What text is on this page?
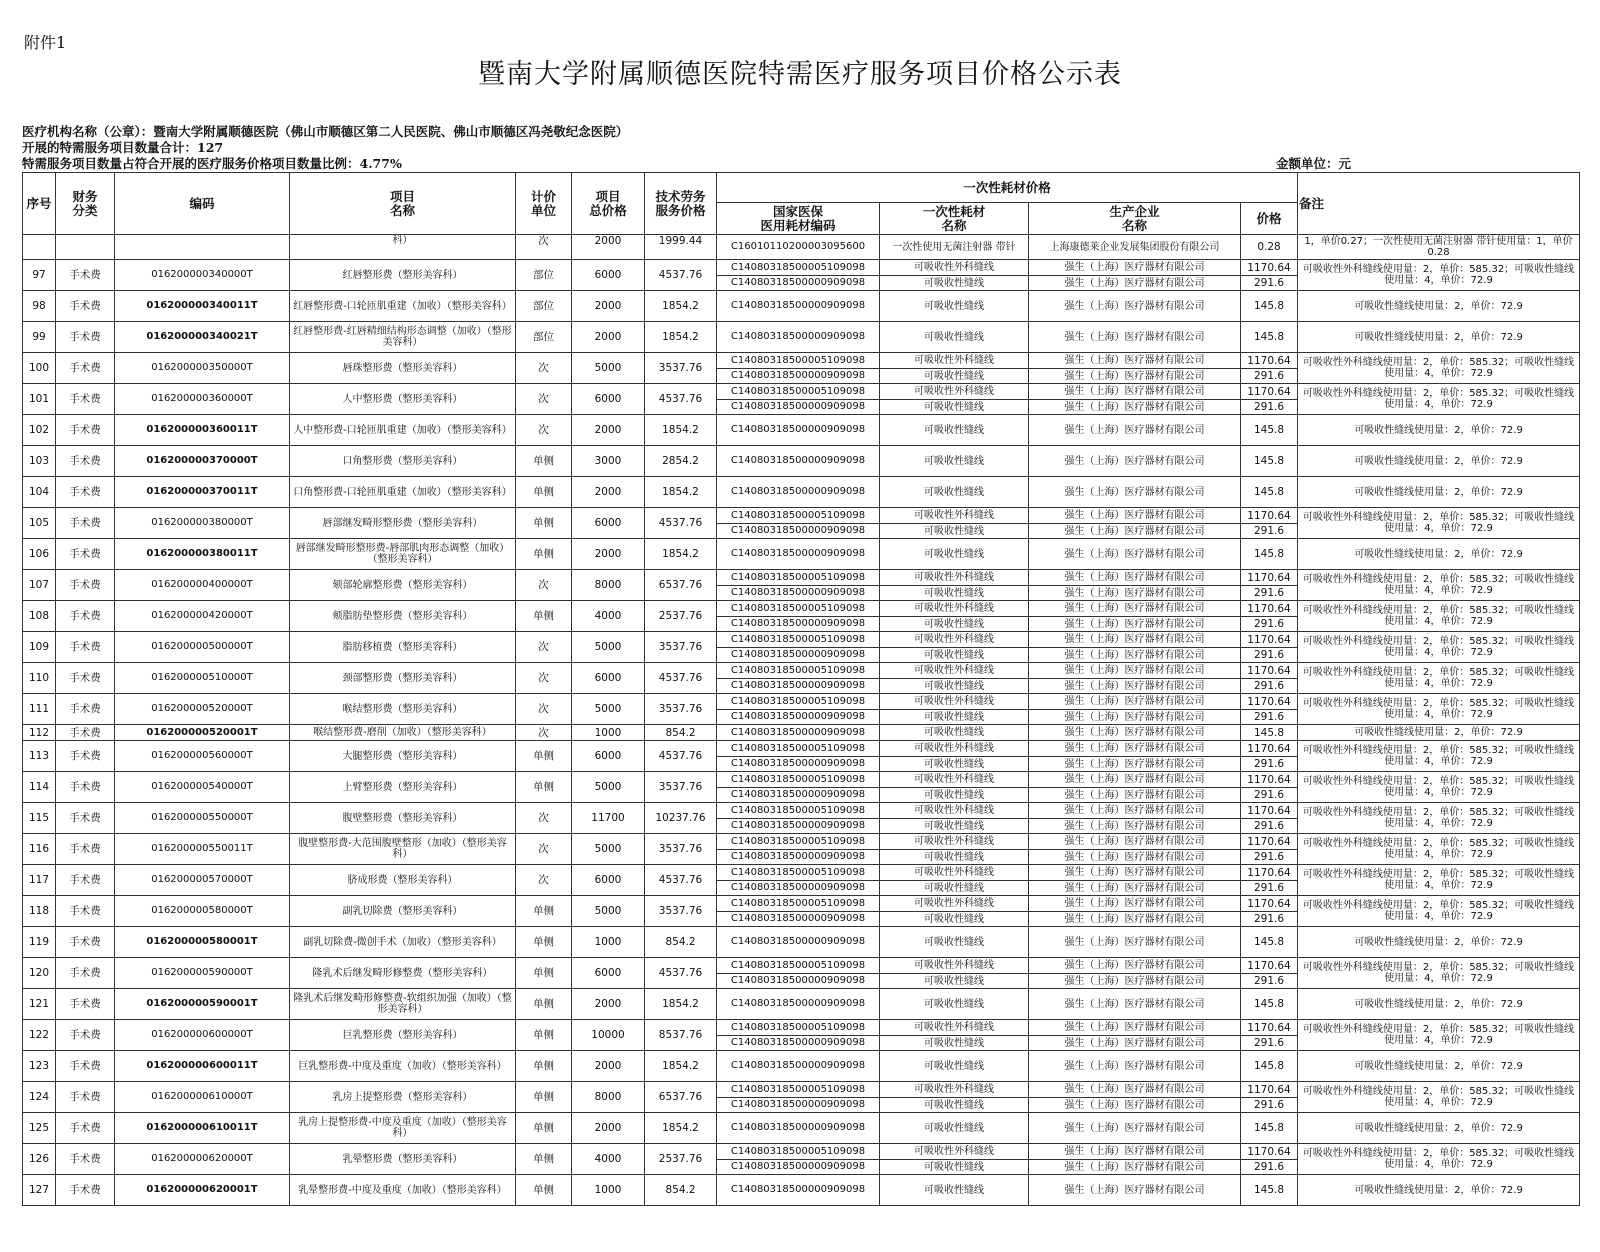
附件1
暨南大学附属顺德医院特需医疗服务项目价格公示表
医疗机构名称（公章）：暨南大学附属顺德医院（佛山市顺德区第二人民医院、佛山市顺德区冯尧敬纪念医院）
开展的特需服务项目数量合计：127
特需服务项目数量占符合开展的医疗服务价格项目数量比例：4.77%	金额单位：元
序号	财务
分类	编码	项目
名称	计价
单位	项目
总价格	技术劳务
服务价格	一次性耗材价格				备注
							国家医保
医用耗材编码	一次性耗材
名称	生产企业
名称	价格	
			科）	次	2000	1999.44	C16010110200003095600	一次性使用无菌注射器 带针	上海康德莱企业发展集团股份有限公司	0.28	1，单价0.27；一次性使用无菌注射器 带针使用量：1，单价0.28
97	手术费	016200000340000T	红唇整形费（整形美容科）	部位	6000	4537.76	C14080318500005109098	可吸收性外科缝线	强生（上海）医疗器材有限公司	1170.64	可吸收性外科缝线使用量：2，单价：585.32；可吸收性缝线使用量：4，单价：72.9
							C14080318500000909098	可吸收性缝线	强生（上海）医疗器材有限公司	291.6	
98	手术费	016200000340011T	红唇整形费-口轮匝肌重建（加收）（整形美容科）	部位	2000	1854.2	C14080318500000909098	可吸收性缝线	强生（上海）医疗器材有限公司	145.8	可吸收性缝线使用量：2，单价：72.9
99	手术费	016200000340021T	红唇整形费-红唇精细结构形态调整（加收）（整形美容科）	部位	2000	1854.2	C14080318500000909098	可吸收性缝线	强生（上海）医疗器材有限公司	145.8	可吸收性缝线使用量：2，单价：72.9
100	手术费	016200000350000T	唇珠整形费（整形美容科）	次	5000	3537.76	C14080318500005109098	可吸收性外科缝线	强生（上海）医疗器材有限公司	1170.64	可吸收性外科缝线使用量：2，单价：585.32；可吸收性缝线使用量：4，单价：72.9
							C14080318500000909098	可吸收性缝线	强生（上海）医疗器材有限公司	291.6	
101	手术费	016200000360000T	人中整形费（整形美容科）	次	6000	4537.76	C14080318500005109098	可吸收性外科缝线	强生（上海）医疗器材有限公司	1170.64	可吸收性外科缝线使用量：2，单价：585.32；可吸收性缝线使用量：4，单价：72.9
							C14080318500000909098	可吸收性缝线	强生（上海）医疗器材有限公司	291.6	
102	手术费	016200000360011T	人中整形费-口轮匝肌重建（加收）（整形美容科）	次	2000	1854.2	C14080318500000909098	可吸收性缝线	强生（上海）医疗器材有限公司	145.8	可吸收性缝线使用量：2，单价：72.9
103	手术费	016200000370000T	口角整形费（整形美容科）	单侧	3000	2854.2	C14080318500000909098	可吸收性缝线	强生（上海）医疗器材有限公司	145.8	可吸收性缝线使用量：2，单价：72.9
104	手术费	016200000370011T	口角整形费-口轮匝肌重建（加收）（整形美容科）	单侧	2000	1854.2	C14080318500000909098	可吸收性缝线	强生（上海）医疗器材有限公司	145.8	可吸收性缝线使用量：2，单价：72.9
105	手术费	016200000380000T	唇部继发畸形整形费（整形美容科）	单侧	6000	4537.76	C14080318500005109098	可吸收性外科缝线	强生（上海）医疗器材有限公司	1170.64	可吸收性外科缝线使用量：2，单价：585.32；可吸收性缝线使用量：4，单价：72.9
							C14080318500000909098	可吸收性缝线	强生（上海）医疗器材有限公司	291.6	
106	手术费	016200000380011T	唇部继发畸形整形费-唇部肌肉形态调整（加收）（整形美容科）	单侧	2000	1854.2	C14080318500000909098	可吸收性缝线	强生（上海）医疗器材有限公司	145.8	可吸收性缝线使用量：2，单价：72.9
107	手术费	016200000400000T	颏部轮廓整形费（整形美容科）	次	8000	6537.76	C14080318500005109098	可吸收性外科缝线	强生（上海）医疗器材有限公司	1170.64	可吸收性外科缝线使用量：2，单价：585.32；可吸收性缝线使用量：4，单价：72.9
							C14080318500000909098	可吸收性缝线	强生（上海）医疗器材有限公司	291.6	
108	手术费	016200000420000T	颊脂肪垫整形费（整形美容科）	单侧	4000	2537.76	C14080318500005109098	可吸收性外科缝线	强生（上海）医疗器材有限公司	1170.64	可吸收性外科缝线使用量：2，单价：585.32；可吸收性缝线使用量：4，单价：72.9
							C14080318500000909098	可吸收性缝线	强生（上海）医疗器材有限公司	291.6	
109	手术费	016200000500000T	脂肪移植费（整形美容科）	次	5000	3537.76	C14080318500005109098	可吸收性外科缝线	强生（上海）医疗器材有限公司	1170.64	可吸收性外科缝线使用量：2，单价：585.32；可吸收性缝线使用量：4，单价：72.9
							C14080318500000909098	可吸收性缝线	强生（上海）医疗器材有限公司	291.6	
110	手术费	016200000510000T	颈部整形费（整形美容科）	次	6000	4537.76	C14080318500005109098	可吸收性外科缝线	强生（上海）医疗器材有限公司	1170.64	可吸收性外科缝线使用量：2，单价：585.32；可吸收性缝线使用量：4，单价：72.9
							C14080318500000909098	可吸收性缝线	强生（上海）医疗器材有限公司	291.6	
111	手术费	016200000520000T	喉结整形费（整形美容科）	次	5000	3537.76	C14080318500005109098	可吸收性外科缝线	强生（上海）医疗器材有限公司	1170.64	可吸收性外科缝线使用量：2，单价：585.32；可吸收性缝线使用量：4，单价：72.9
							C14080318500000909098	可吸收性缝线	强生（上海）医疗器材有限公司	291.6	
112	手术费	016200000520001T	喉结整形费-磨削（加收）（整形美容科）	次	1000	854.2	C14080318500000909098	可吸收性缝线	强生（上海）医疗器材有限公司	145.8	可吸收性缝线使用量：2，单价：72.9
113	手术费	016200000560000T	大腿整形费（整形美容科）	单侧	6000	4537.76	C14080318500005109098	可吸收性外科缝线	强生（上海）医疗器材有限公司	1170.64	可吸收性外科缝线使用量：2，单价：585.32；可吸收性缝线使用量：4，单价：72.9
							C14080318500000909098	可吸收性缝线	强生（上海）医疗器材有限公司	291.6	
114	手术费	016200000540000T	上臂整形费（整形美容科）	单侧	5000	3537.76	C14080318500005109098	可吸收性外科缝线	强生（上海）医疗器材有限公司	1170.64	可吸收性外科缝线使用量：2，单价：585.32；可吸收性缝线使用量：4，单价：72.9
							C14080318500000909098	可吸收性缝线	强生（上海）医疗器材有限公司	291.6	
115	手术费	016200000550000T	腹壁整形费（整形美容科）	次	11700	10237.76	C14080318500005109098	可吸收性外科缝线	强生（上海）医疗器材有限公司	1170.64	可吸收性外科缝线使用量：2，单价：585.32；可吸收性缝线使用量：4，单价：72.9
							C14080318500000909098	可吸收性缝线	强生（上海）医疗器材有限公司	291.6	
116	手术费	016200000550011T	腹壁整形费-大范围腹壁整形（加收）（整形美容科）	次	5000	3537.76	C14080318500005109098	可吸收性外科缝线	强生（上海）医疗器材有限公司	1170.64	可吸收性外科缝线使用量：2，单价：585.32；可吸收性缝线使用量：4，单价：72.9
							C14080318500000909098	可吸收性缝线	强生（上海）医疗器材有限公司	291.6	
117	手术费	016200000570000T	脐成形费（整形美容科）	次	6000	4537.76	C14080318500005109098	可吸收性外科缝线	强生（上海）医疗器材有限公司	1170.64	可吸收性外科缝线使用量：2，单价：585.32；可吸收性缝线使用量：4，单价：72.9
							C14080318500000909098	可吸收性缝线	强生（上海）医疗器材有限公司	291.6	
118	手术费	016200000580000T	副乳切除费（整形美容科）	单侧	5000	3537.76	C14080318500005109098	可吸收性外科缝线	强生（上海）医疗器材有限公司	1170.64	可吸收性外科缝线使用量：2，单价：585.32；可吸收性缝线使用量：4，单价：72.9
							C14080318500000909098	可吸收性缝线	强生（上海）医疗器材有限公司	291.6	
119	手术费	016200000580001T	副乳切除费-微创手术（加收）（整形美容科）	单侧	1000	854.2	C14080318500000909098	可吸收性缝线	强生（上海）医疗器材有限公司	145.8	可吸收性缝线使用量：2，单价：72.9
120	手术费	016200000590000T	隆乳术后继发畸形修整费（整形美容科）	单侧	6000	4537.76	C14080318500005109098	可吸收性外科缝线	强生（上海）医疗器材有限公司	1170.64	可吸收性外科缝线使用量：2，单价：585.32；可吸收性缝线使用量：4，单价：72.9
							C14080318500000909098	可吸收性缝线	强生（上海）医疗器材有限公司	291.6	
121	手术费	016200000590001T	隆乳术后继发畸形修整费-软组织加强（加收）（整形美容科）	单侧	2000	1854.2	C14080318500000909098	可吸收性缝线	强生（上海）医疗器材有限公司	145.8	可吸收性缝线使用量：2，单价：72.9
122	手术费	016200000600000T	巨乳整形费（整形美容科）	单侧	10000	8537.76	C14080318500005109098	可吸收性外科缝线	强生（上海）医疗器材有限公司	1170.64	可吸收性外科缝线使用量：2，单价：585.32；可吸收性缝线使用量：4，单价：72.9
							C14080318500000909098	可吸收性缝线	强生（上海）医疗器材有限公司	291.6	
123	手术费	016200000600011T	巨乳整形费-中度及重度（加收）（整形美容科）	单侧	2000	1854.2	C14080318500000909098	可吸收性缝线	强生（上海）医疗器材有限公司	145.8	可吸收性缝线使用量：2，单价：72.9
124	手术费	016200000610000T	乳房上提整形费（整形美容科）	单侧	8000	6537.76	C14080318500005109098	可吸收性外科缝线	强生（上海）医疗器材有限公司	1170.64	可吸收性外科缝线使用量：2，单价：585.32；可吸收性缝线使用量：4，单价：72.9
							C14080318500000909098	可吸收性缝线	强生（上海）医疗器材有限公司	291.6	
125	手术费	016200000610011T	乳房上提整形费-中度及重度（加收）（整形美容科）	单侧	2000	1854.2	C14080318500000909098	可吸收性缝线	强生（上海）医疗器材有限公司	145.8	可吸收性缝线使用量：2，单价：72.9
126	手术费	016200000620000T	乳晕整形费（整形美容科）	单侧	4000	2537.76	C14080318500005109098	可吸收性外科缝线	强生（上海）医疗器材有限公司	1170.64	可吸收性外科缝线使用量：2，单价：585.32；可吸收性缝线使用量：4，单价：72.9
							C14080318500000909098	可吸收性缝线	强生（上海）医疗器材有限公司	291.6	
127	手术费	016200000620001T	乳晕整形费-中度及重度（加收）（整形美容科）	单侧	1000	854.2	C14080318500000909098	可吸收性缝线	强生（上海）医疗器材有限公司	145.8	可吸收性缝线使用量：2，单价：72.9
